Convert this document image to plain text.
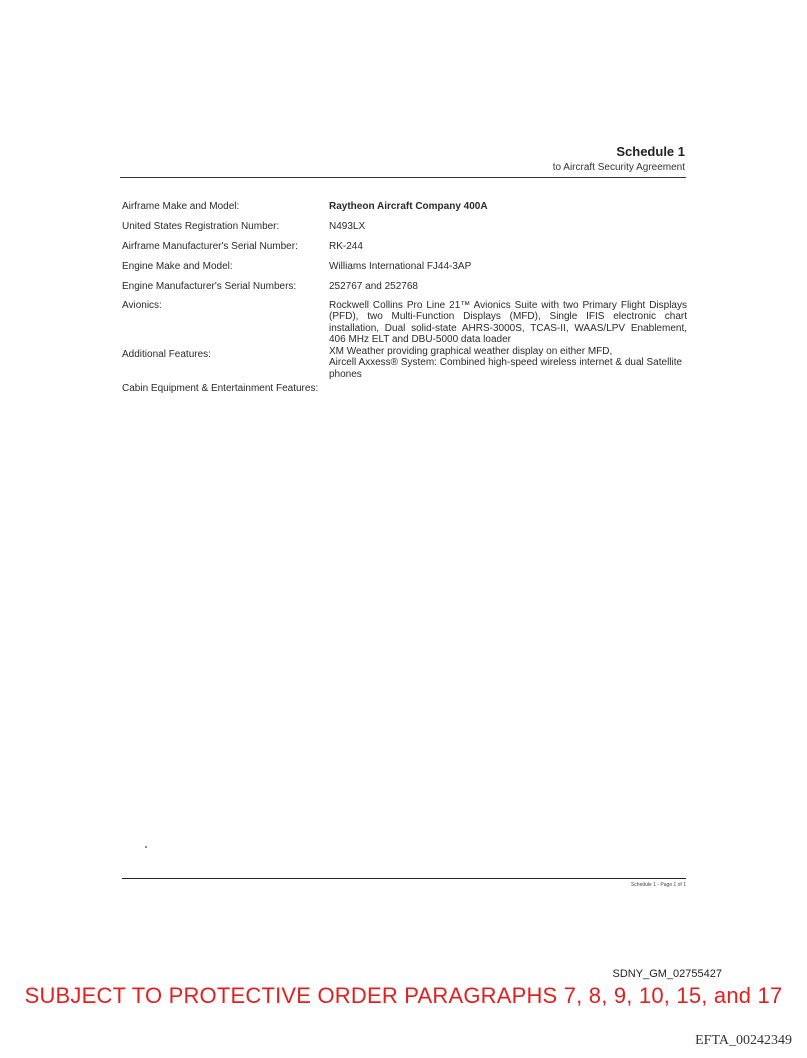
Schedule 1
to Aircraft Security Agreement
Airframe Make and Model:	Raytheon Aircraft Company 400A
United States Registration Number:	N493LX
Airframe Manufacturer's Serial Number:	RK-244
Engine Make and Model:	Williams International FJ44-3AP
Engine Manufacturer's Serial Numbers:	252767 and 252768
Avionics:	Rockwell Collins Pro Line 21™ Avionics Suite with two Primary Flight Displays (PFD), two Multi-Function Displays (MFD), Single IFIS electronic chart installation, Dual solid-state AHRS-3000S, TCAS-II, WAAS/LPV Enablement, 406 MHz ELT and DBU-5000 data loader
Additional Features:	XM Weather providing graphical weather display on either MFD,
Aircell Axxess® System: Combined high-speed wireless internet & dual Satellite phones
Cabin Equipment & Entertainment Features:
Schedule 1 - Page 1 of 1
SDNY_GM_02755427
SUBJECT TO PROTECTIVE ORDER PARAGRAPHS 7, 8, 9, 10, 15, and 17
EFTA_00242349
